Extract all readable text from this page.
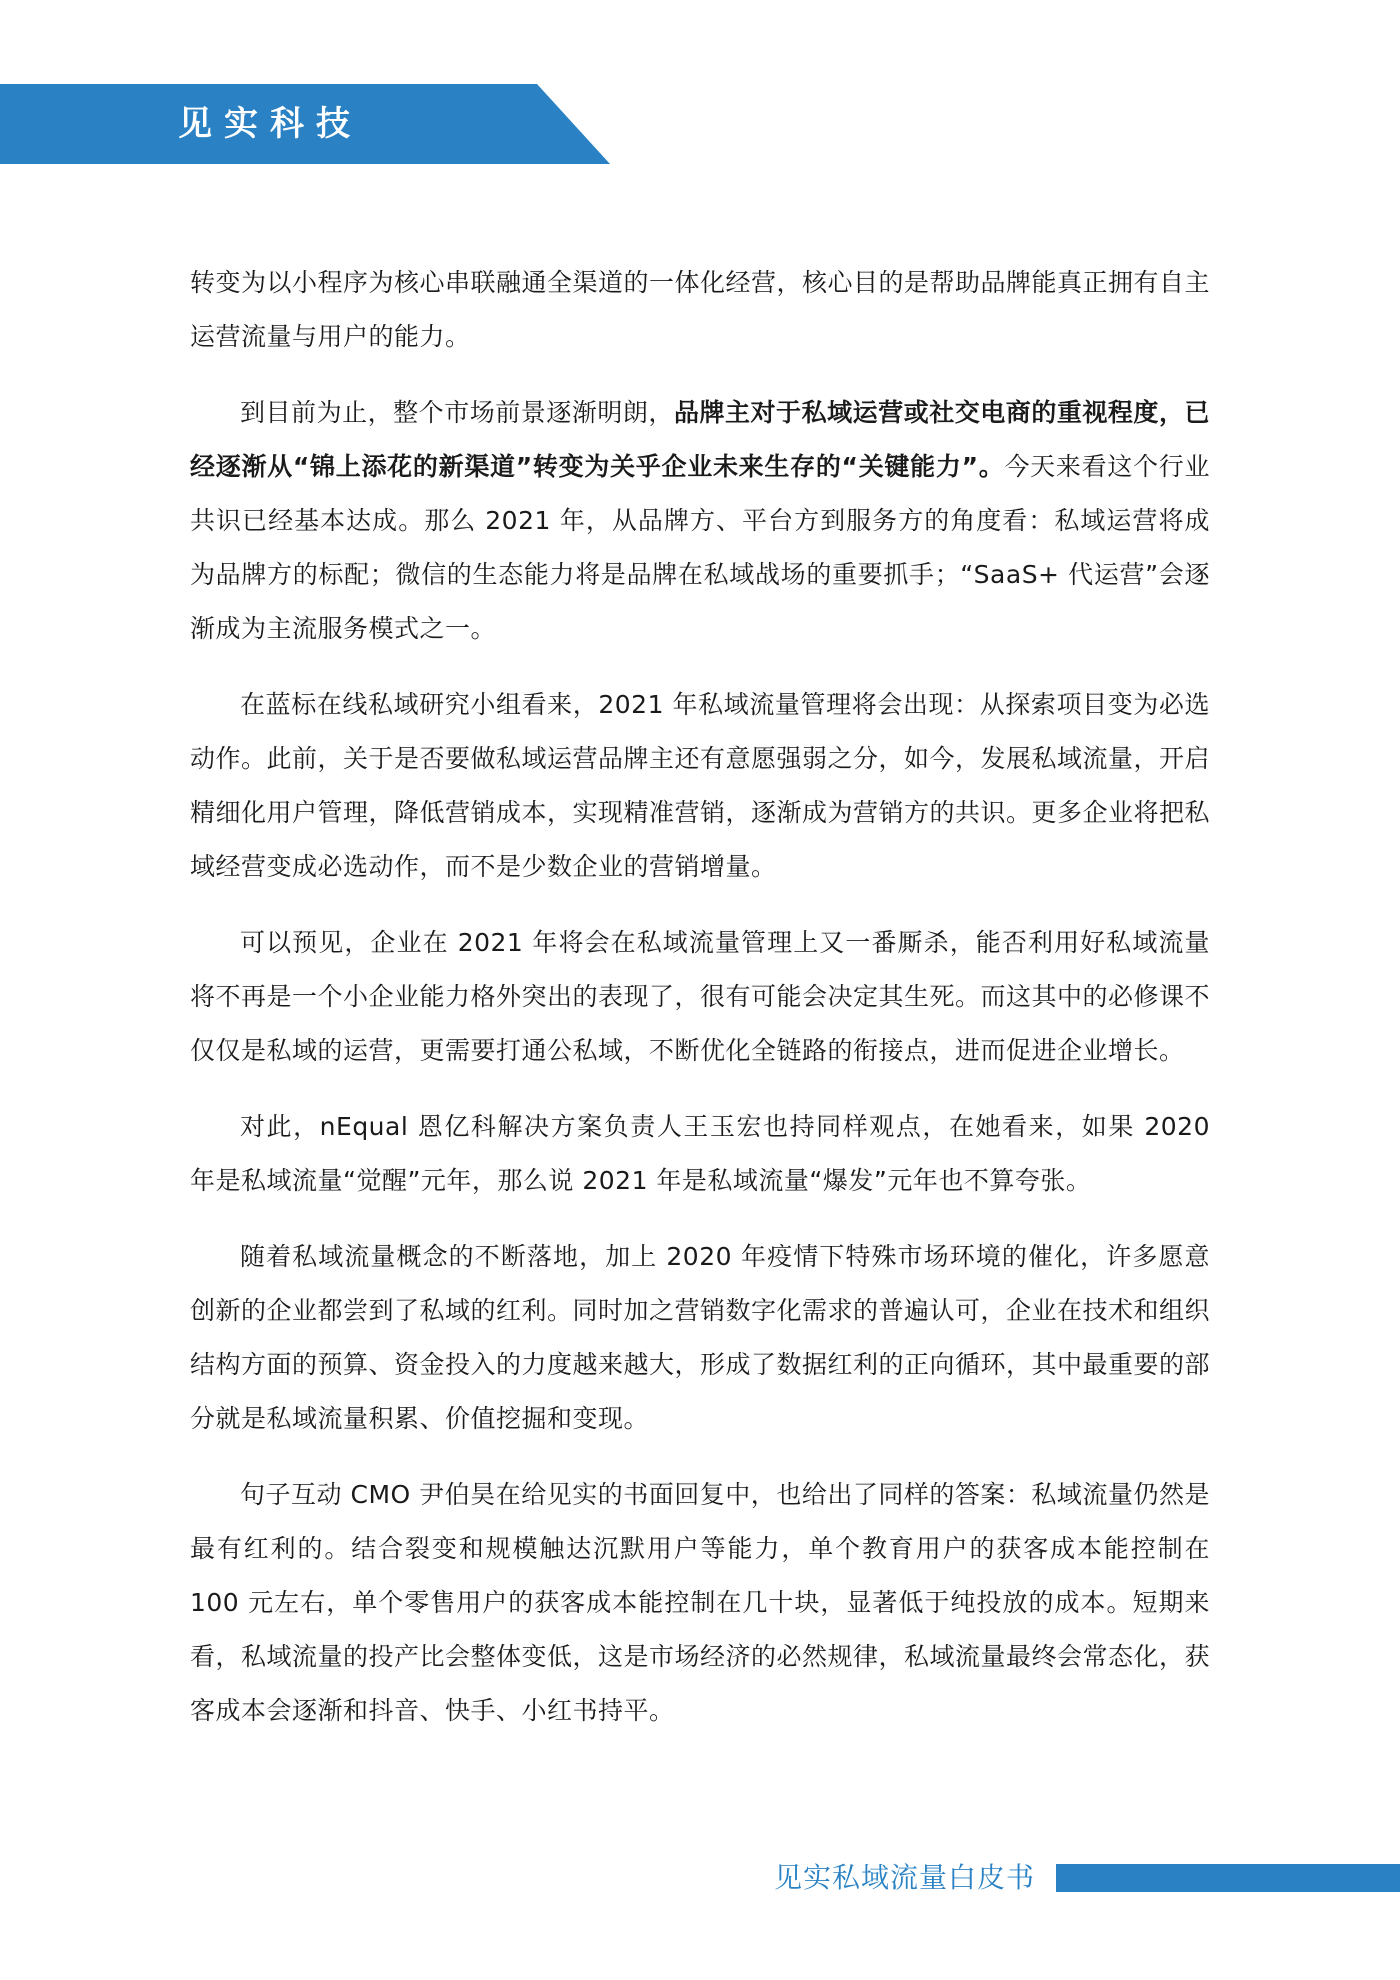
见实科技

转变为以小程序为核心串联融通全渠道的一体化经营，核心目的是帮助品牌能真正拥有自主运营流量与用户的能力。

到目前为止，整个市场前景逐渐明朗，品牌主对于私域运营或社交电商的重视程度，已经逐渐从“锦上添花的新渠道”转变为关乎企业未来生存的“关键能力”。今天来看这个行业共识已经基本达成。那么 2021 年，从品牌方、平台方到服务方的角度看：私域运营将成为品牌方的标配；微信的生态能力将是品牌在私域战场的重要抓手；“SaaS+ 代运营”会逐渐成为主流服务模式之一。

在蓝标在线私域研究小组看来，2021 年私域流量管理将会出现：从探索项目变为必选动作。此前，关于是否要做私域运营品牌主还有意愿强弱之分，如今，发展私域流量，开启精细化用户管理，降低营销成本，实现精准营销，逐渐成为营销方的共识。更多企业将把私域经营变成必选动作，而不是少数企业的营销增量。

可以预见，企业在 2021 年将会在私域流量管理上又一番厮杀，能否利用好私域流量将不再是一个小企业能力格外突出的表现了，很有可能会决定其生死。而这其中的必修课不仅仅是私域的运营，更需要打通公私域，不断优化全链路的衔接点，进而促进企业增长。

对此，nEqual 恩亿科解决方案负责人王玉宏也持同样观点，在她看来，如果 2020 年是私域流量“觉醒”元年，那么说 2021 年是私域流量“爆发”元年也不算夸张。

随着私域流量概念的不断落地，加上 2020 年疫情下特殊市场环境的催化，许多愿意创新的企业都尝到了私域的红利。同时加之营销数字化需求的普遍认可，企业在技术和组织结构方面的预算、资金投入的力度越来越大，形成了数据红利的正向循环，其中最重要的部分就是私域流量积累、价值挖掘和变现。

句子互动 CMO 尹伯昊在给见实的书面回复中，也给出了同样的答案：私域流量仍然是最有红利的。结合裂变和规模触达沉默用户等能力，单个教育用户的获客成本能控制在 100 元左右，单个零售用户的获客成本能控制在几十块，显著低于纯投放的成本。短期来看，私域流量的投产比会整体变低，这是市场经济的必然规律，私域流量最终会常态化，获客成本会逐渐和抖音、快手、小红书持平。

见实私域流量白皮书
